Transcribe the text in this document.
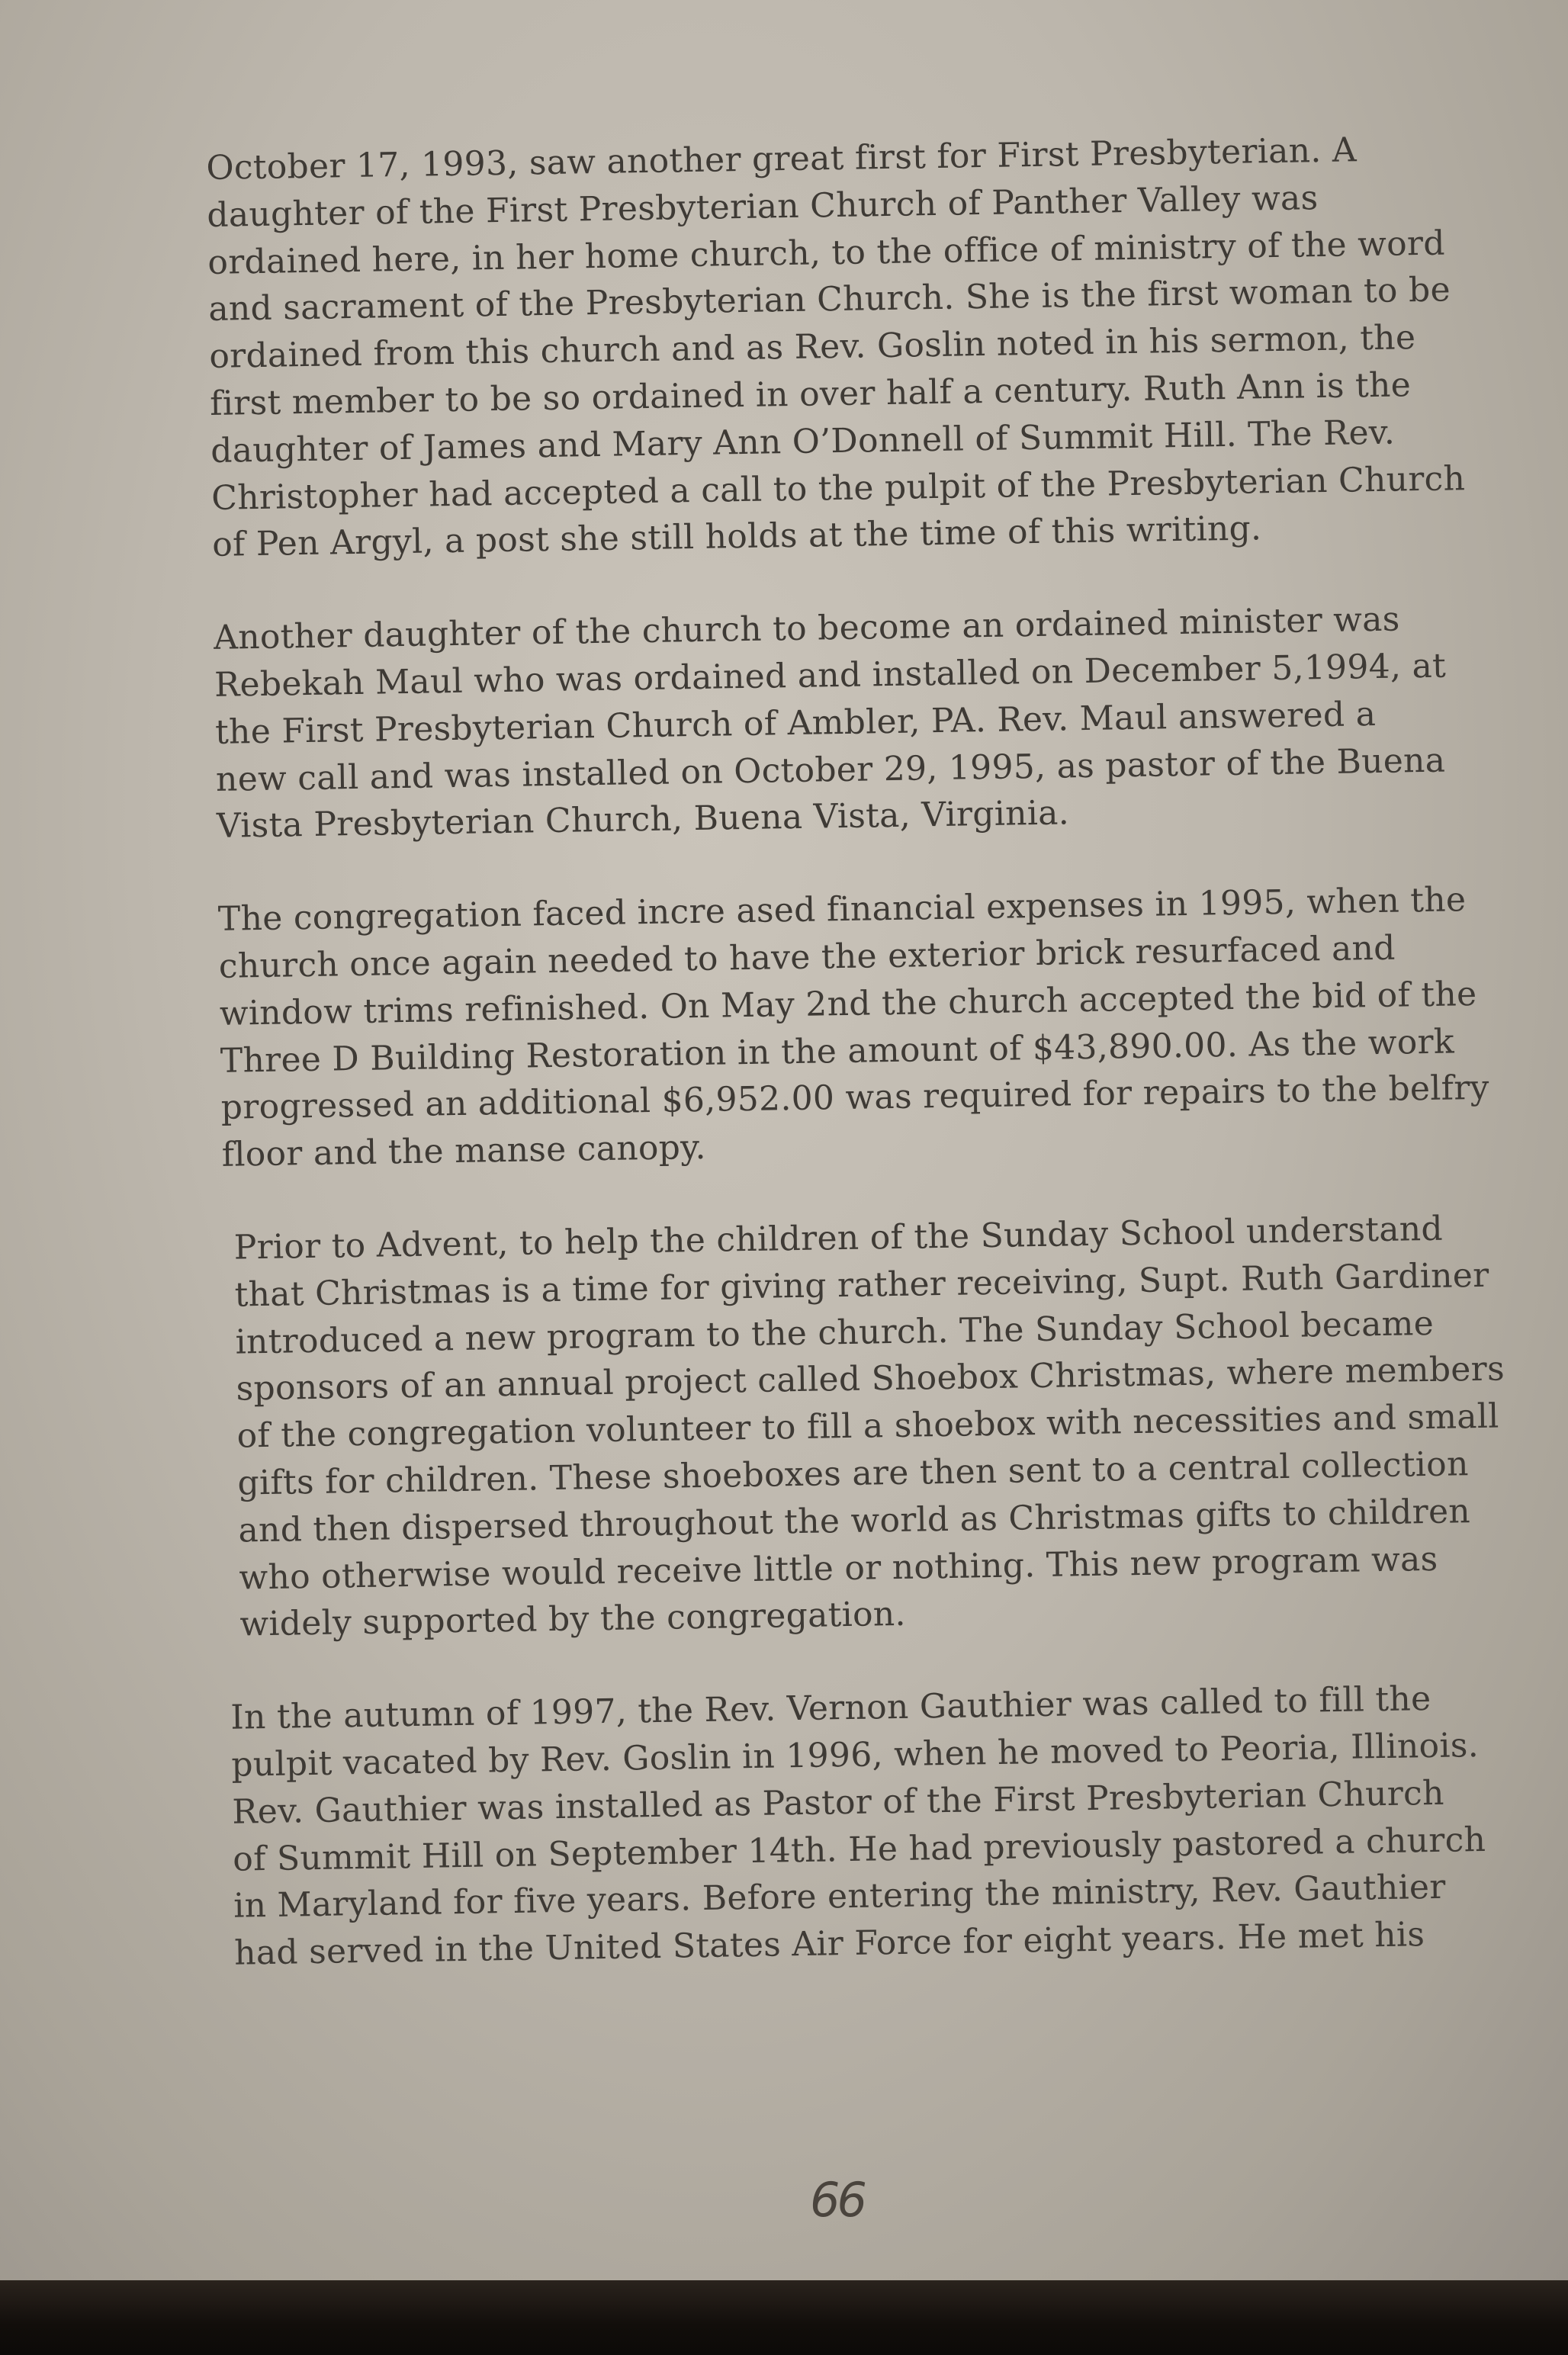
October 17, 1993, saw another great first for First Presbyterian. A
daughter of the First Presbyterian Church of Panther Valley was
ordained here, in her home church, to the office of ministry of the word
and sacrament of the Presbyterian Church. She is the first woman to be
ordained from this church and as Rev. Goslin noted in his sermon, the
first member to be so ordained in over half a century. Ruth Ann is the
daughter of James and Mary Ann O’Donnell of Summit Hill. The Rev.
Christopher had accepted a call to the pulpit of the Presbyterian Church
of Pen Argyl, a post she still holds at the time of this writing.
Another daughter of the church to become an ordained minister was
Rebekah Maul who was ordained and installed on December 5,1994, at
the First Presbyterian Church of Ambler, PA. Rev. Maul answered a
new call and was installed on October 29, 1995, as pastor of the Buena
Vista Presbyterian Church, Buena Vista, Virginia.
The congregation faced incre ased financial expenses in 1995, when the
church once again needed to have the exterior brick resurfaced and
window trims refinished. On May 2nd the church accepted the bid of the
Three D Building Restoration in the amount of $43,890.00. As the work
progressed an additional $6,952.00 was required for repairs to the belfry
floor and the manse canopy.
Prior to Advent, to help the children of the Sunday School understand
that Christmas is a time for giving rather receiving, Supt. Ruth Gardiner
introduced a new program to the church. The Sunday School became
sponsors of an annual project called Shoebox Christmas, where members
of the congregation volunteer to fill a shoebox with necessities and small
gifts for children. These shoeboxes are then sent to a central collection
and then dispersed throughout the world as Christmas gifts to children
who otherwise would receive little or nothing. This new program was
widely supported by the congregation.
In the autumn of 1997, the Rev. Vernon Gauthier was called to fill the
pulpit vacated by Rev. Goslin in 1996, when he moved to Peoria, Illinois.
Rev. Gauthier was installed as Pastor of the First Presbyterian Church
of Summit Hill on September 14th. He had previously pastored a church
in Maryland for five years. Before entering the ministry, Rev. Gauthier
had served in the United States Air Force for eight years. He met his
66
